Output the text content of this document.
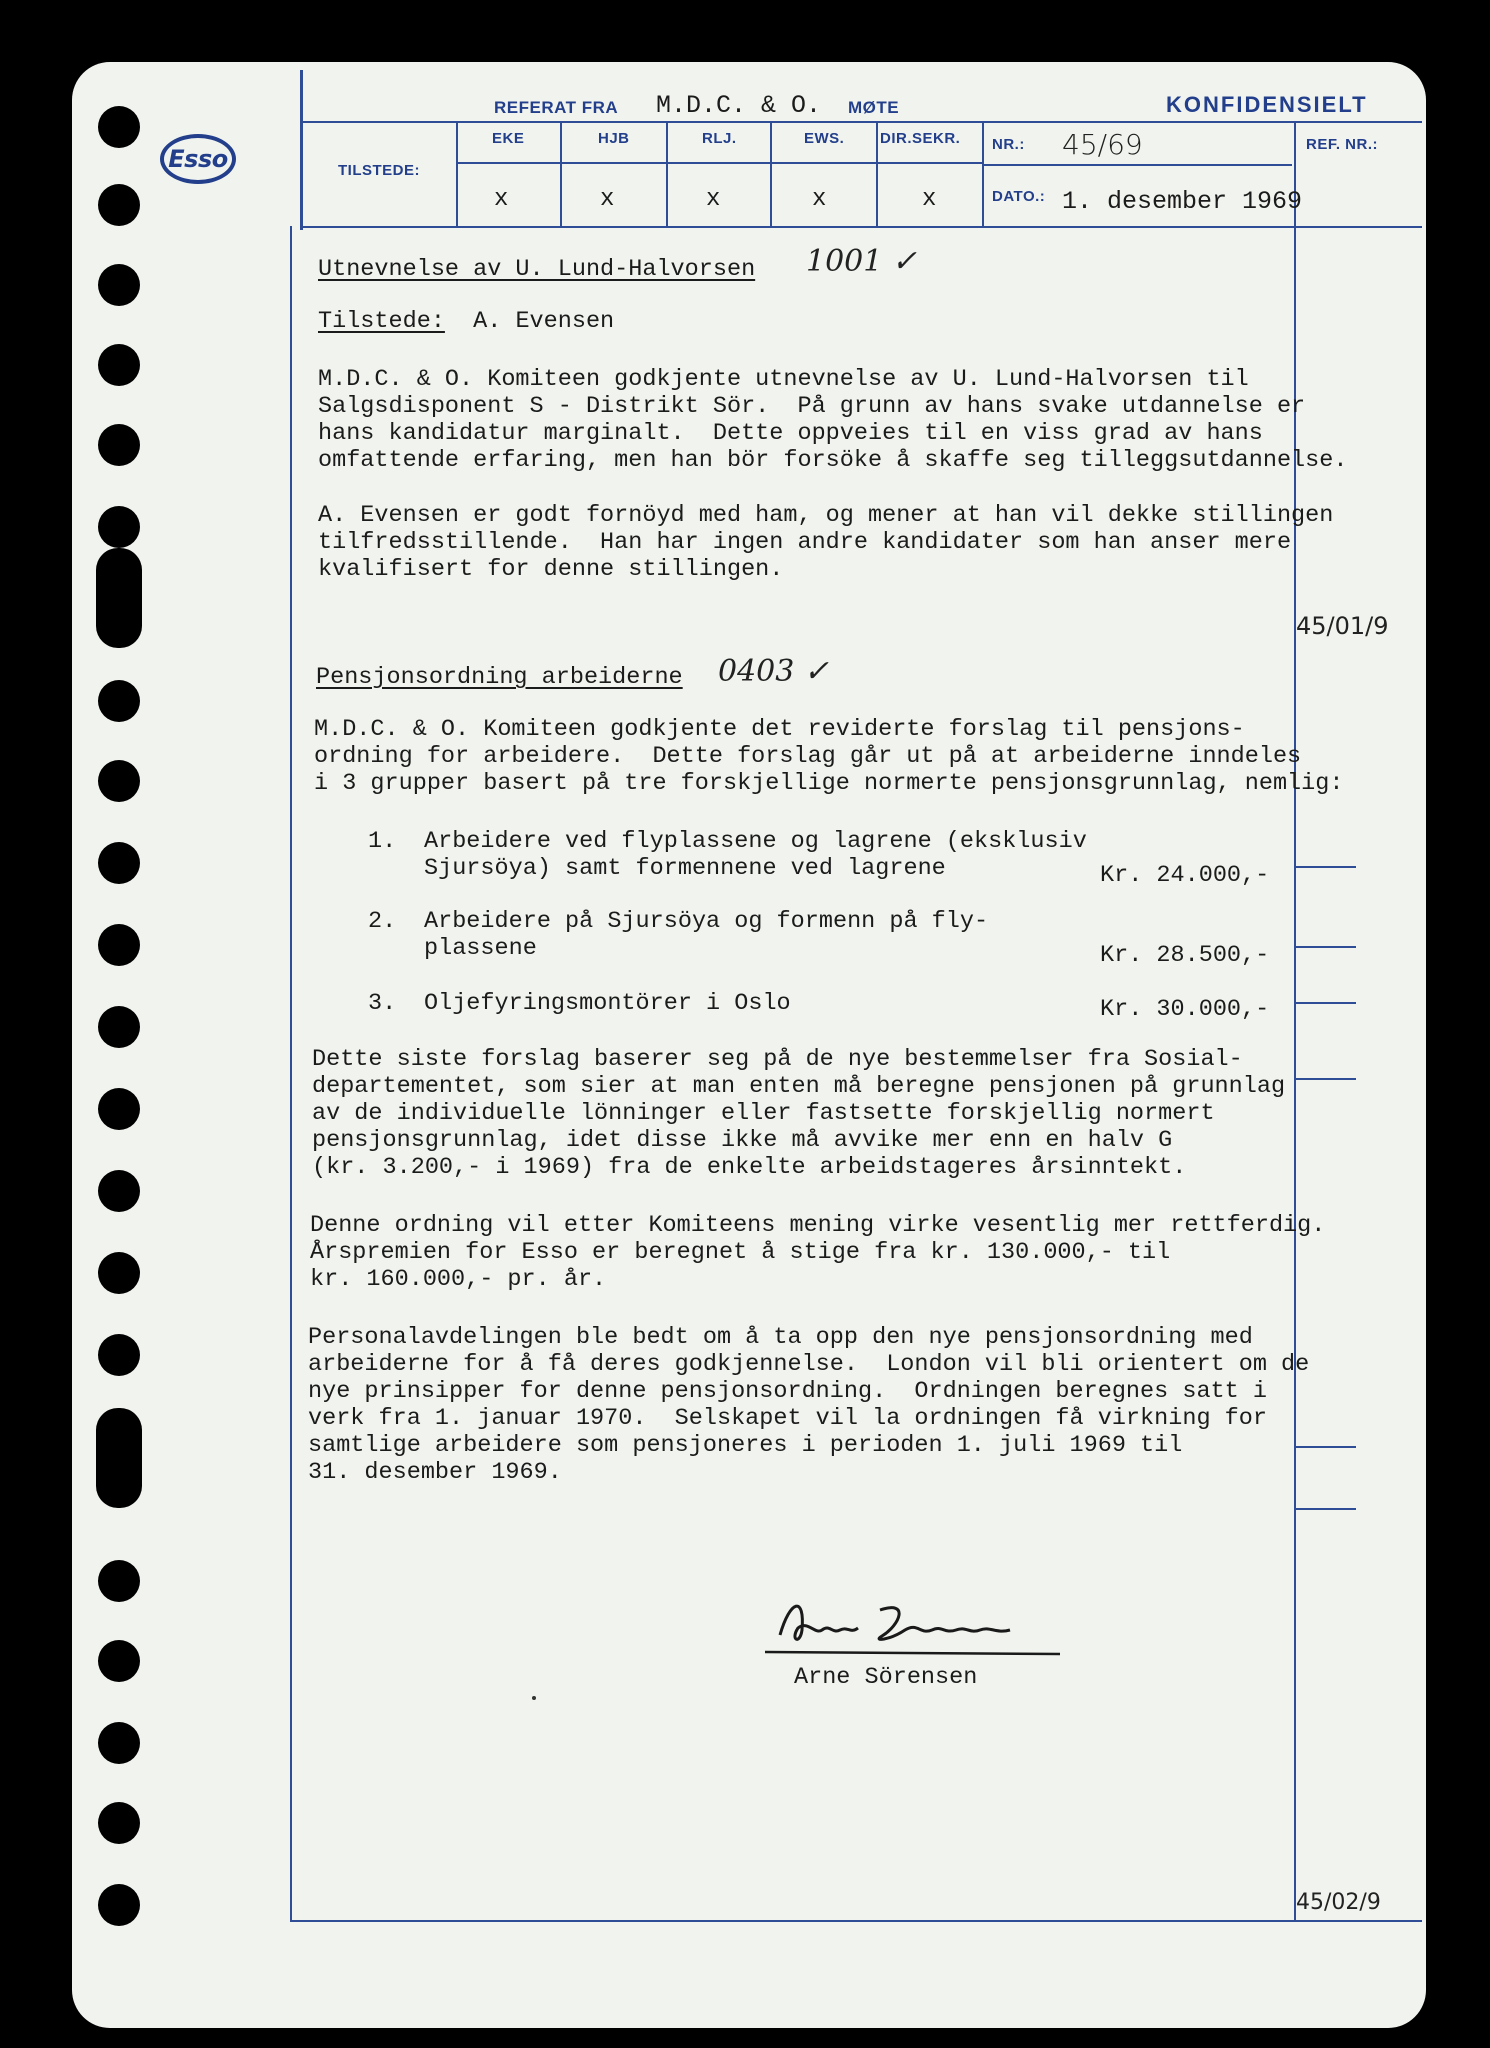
Esso
REFERAT FRA M.D.C. & O. MØTE	KONFIDENSIELT
TILSTEDE:
EKE	HJB	RLJ.	EWS. DIR.SEKR.
x	x	x	x	x
NR.: 45/69
DATO.: 1. desember 1969
REF. NR.:
Utnevnelse av U. Lund-Halvorsen 1001 ✓
Tilstede: A. Evensen
M.D.C. & O. Komiteen godkjente utnevnelse av U. Lund-Halvorsen til
Salgsdisponent S - Distrikt Sör.  På grunn av hans svake utdannelse er
hans kandidatur marginalt.  Dette oppveies til en viss grad av hans
omfattende erfaring, men han bör forsöke å skaffe seg tilleggsutdannelse.
A. Evensen er godt fornöyd med ham, og mener at han vil dekke stillingen
tilfredsstillende.  Han har ingen andre kandidater som han anser mere
kvalifisert for denne stillingen.
45/01/9
Pensjonsordning arbeiderne 0403 ✓
M.D.C. & O. Komiteen godkjente det reviderte forslag til pensjons-
ordning for arbeidere.  Dette forslag går ut på at arbeiderne inndeles
i 3 grupper basert på tre forskjellige normerte pensjonsgrunnlag, nemlig:
1. Arbeidere ved flyplassene og lagrene (eksklusiv
Sjursöya) samt formennene ved lagrene	Kr. 24.000,-
2. Arbeidere på Sjursöya og formenn på fly-
plassene	Kr. 28.500,-
3. Oljefyringsmontörer i Oslo	Kr. 30.000,-
Dette siste forslag baserer seg på de nye bestemmelser fra Sosial-
departementet, som sier at man enten må beregne pensjonen på grunnlag
av de individuelle lönninger eller fastsette forskjellig normert
pensjonsgrunnlag, idet disse ikke må avvike mer enn en halv G
(kr. 3.200,- i 1969) fra de enkelte arbeidstageres årsinntekt.
Denne ordning vil etter Komiteens mening virke vesentlig mer rettferdig.
Årspremien for Esso er beregnet å stige fra kr. 130.000,- til
kr. 160.000,- pr. år.
Personalavdelingen ble bedt om å ta opp den nye pensjonsordning med
arbeiderne for å få deres godkjennelse.  London vil bli orientert om de
nye prinsipper for denne pensjonsordning.  Ordningen beregnes satt i
verk fra 1. januar 1970.  Selskapet vil la ordningen få virkning for
samtlige arbeidere som pensjoneres i perioden 1. juli 1969 til
31. desember 1969.
Arne Sörensen
45/02/9
